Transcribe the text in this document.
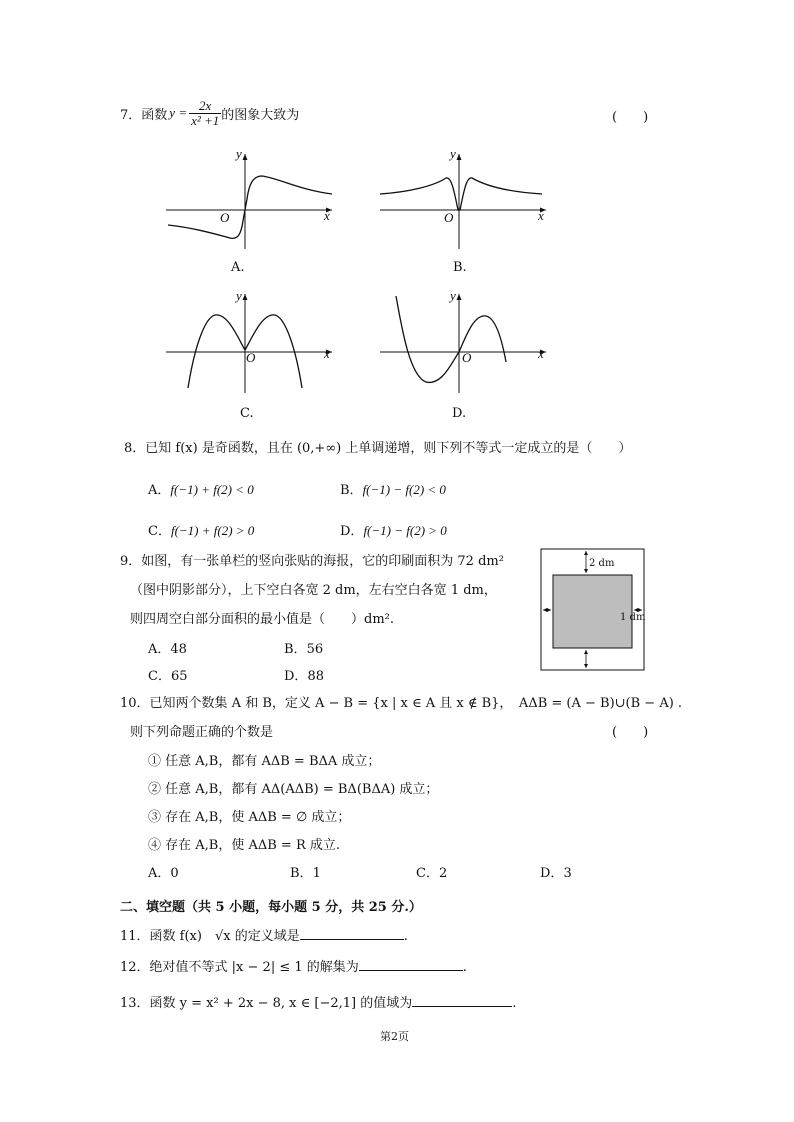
7． 函数 $y = \frac{2x}{\text{x² +1}}$ 的图象大致为	(　　)
y
x
O
A.
y
x
O
B.
y
x
O
C.
y
x
O
D.
8．已知 f(x) 是奇函数，且在 (0,+∞) 上单调递增，则下列不等式一定成立的是（　　）
A．f(−1) + f(2) < 0	B．f(−1) − f(2) < 0
C．f(−1) + f(2) > 0	D．f(−1) − f(2) > 0
9．如图，有一张单栏的竖向张贴的海报，它的印刷面积为 72 dm²
（图中阴影部分），上下空白各宽 2 dm，左右空白各宽 1 dm，
则四周空白部分面积的最小值是（　　）dm².
A．48	B．56
C．65	D．88
2 dm
1 dm
10．已知两个数集 A 和 B，定义 A − B = {x | x ∈ A 且 x ∉ B}，　AΔB = (A − B)∪(B − A) .
则下列命题正确的个数是	(　　)
① 任意 A,B，都有 AΔB = BΔA 成立；
② 任意 A,B，都有 AΔ(AΔB) = BΔ(BΔA) 成立；
③ 存在 A,B，使 AΔB = ∅ 成立；
④ 存在 A,B，使 AΔB = R 成立.
A．0	B．1	C．2	D．3
二、填空题（共 5 小题，每小题 5 分，共 25 分.）
11．函数 f(x)　√x 的定义域是	.
12．绝对值不等式 |x − 2| ≤ 1 的解集为	.
13．函数 y = x² + 2x − 8, x ∈ [−2,1] 的值域为	.
第2页
